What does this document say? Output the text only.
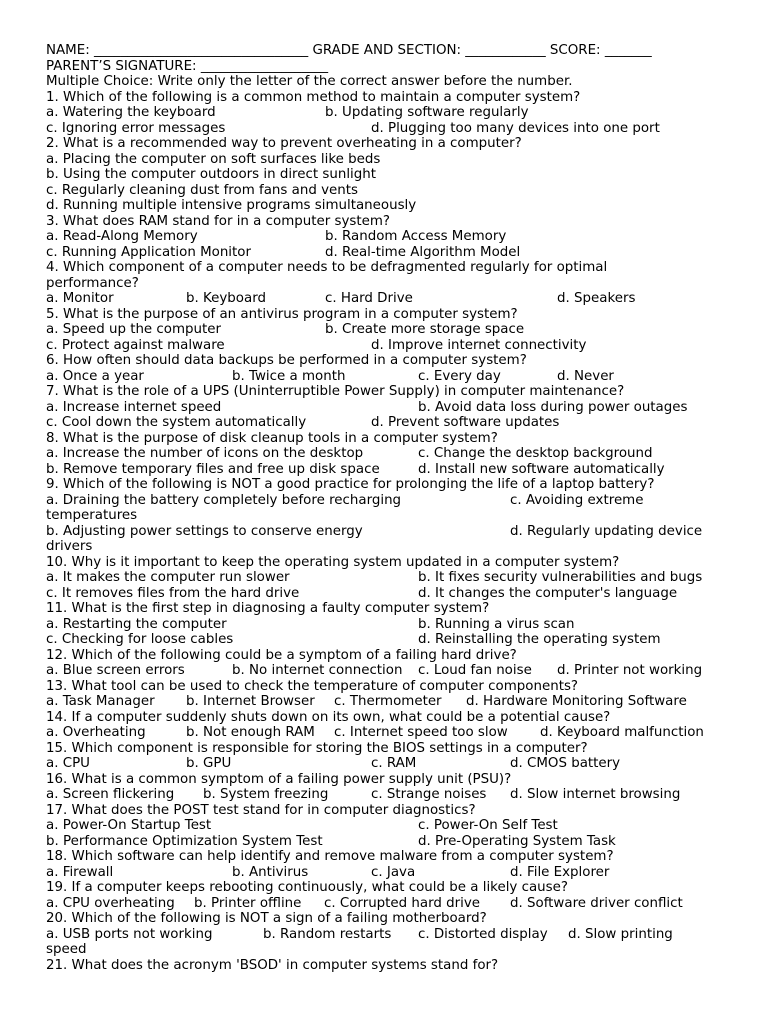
NAME: ________________________________ GRADE AND SECTION: ____________ SCORE: _______
PARENT’S SIGNATURE: ___________________
Multiple Choice: Write only the letter of the correct answer before the number.
1. Which of the following is a common method to maintain a computer system?
a. Watering the keyboard	b. Updating software regularly
c. Ignoring error messages	d. Plugging too many devices into one port
2. What is a recommended way to prevent overheating in a computer?
a. Placing the computer on soft surfaces like beds
b. Using the computer outdoors in direct sunlight
c. Regularly cleaning dust from fans and vents
d. Running multiple intensive programs simultaneously
3. What does RAM stand for in a computer system?
a. Read-Along Memory	b. Random Access Memory
c. Running Application Monitor	d. Real-time Algorithm Model
4. Which component of a computer needs to be defragmented regularly for optimal
performance?
a. Monitor	b. Keyboard	c. Hard Drive	d. Speakers
5. What is the purpose of an antivirus program in a computer system?
a. Speed up the computer	b. Create more storage space
c. Protect against malware	d. Improve internet connectivity
6. How often should data backups be performed in a computer system?
a. Once a year	b. Twice a month	c. Every day	d. Never
7. What is the role of a UPS (Uninterruptible Power Supply) in computer maintenance?
a. Increase internet speed	b. Avoid data loss during power outages
c. Cool down the system automatically	d. Prevent software updates
8. What is the purpose of disk cleanup tools in a computer system?
a. Increase the number of icons on the desktop	c. Change the desktop background
b. Remove temporary files and free up disk space	d. Install new software automatically
9. Which of the following is NOT a good practice for prolonging the life of a laptop battery?
a. Draining the battery completely before recharging	c. Avoiding extreme
temperatures
b. Adjusting power settings to conserve energy	d. Regularly updating device
drivers
10. Why is it important to keep the operating system updated in a computer system?
a. It makes the computer run slower	b. It fixes security vulnerabilities and bugs
c. It removes files from the hard drive	d. It changes the computer's language
11. What is the first step in diagnosing a faulty computer system?
a. Restarting the computer	b. Running a virus scan
c. Checking for loose cables	d. Reinstalling the operating system
12. Which of the following could be a symptom of a failing hard drive?
a. Blue screen errors	b. No internet connection c. Loud fan noise d. Printer not working
13. What tool can be used to check the temperature of computer components?
a. Task Manager b. Internet Browser c. Thermometer d. Hardware Monitoring Software
14. If a computer suddenly shuts down on its own, what could be a potential cause?
a. Overheating	b. Not enough RAM c. Internet speed too slow d. Keyboard malfunction
15. Which component is responsible for storing the BIOS settings in a computer?
a. CPU	b. GPU	c. RAM	d. CMOS battery
16. What is a common symptom of a failing power supply unit (PSU)?
a. Screen flickering b. System freezing	c. Strange noises d. Slow internet browsing
17. What does the POST test stand for in computer diagnostics?
a. Power-On Startup Test	c. Power-On Self Test
b. Performance Optimization System Test	d. Pre-Operating System Task
18. Which software can help identify and remove malware from a computer system?
a. Firewall	b. Antivirus	c. Java	d. File Explorer
19. If a computer keeps rebooting continuously, what could be a likely cause?
a. CPU overheating b. Printer offline c. Corrupted hard drive d. Software driver conflict
20. Which of the following is NOT a sign of a failing motherboard?
a. USB ports not working	b. Random restarts c. Distorted display d. Slow printing
speed
21. What does the acronym 'BSOD' in computer systems stand for?
